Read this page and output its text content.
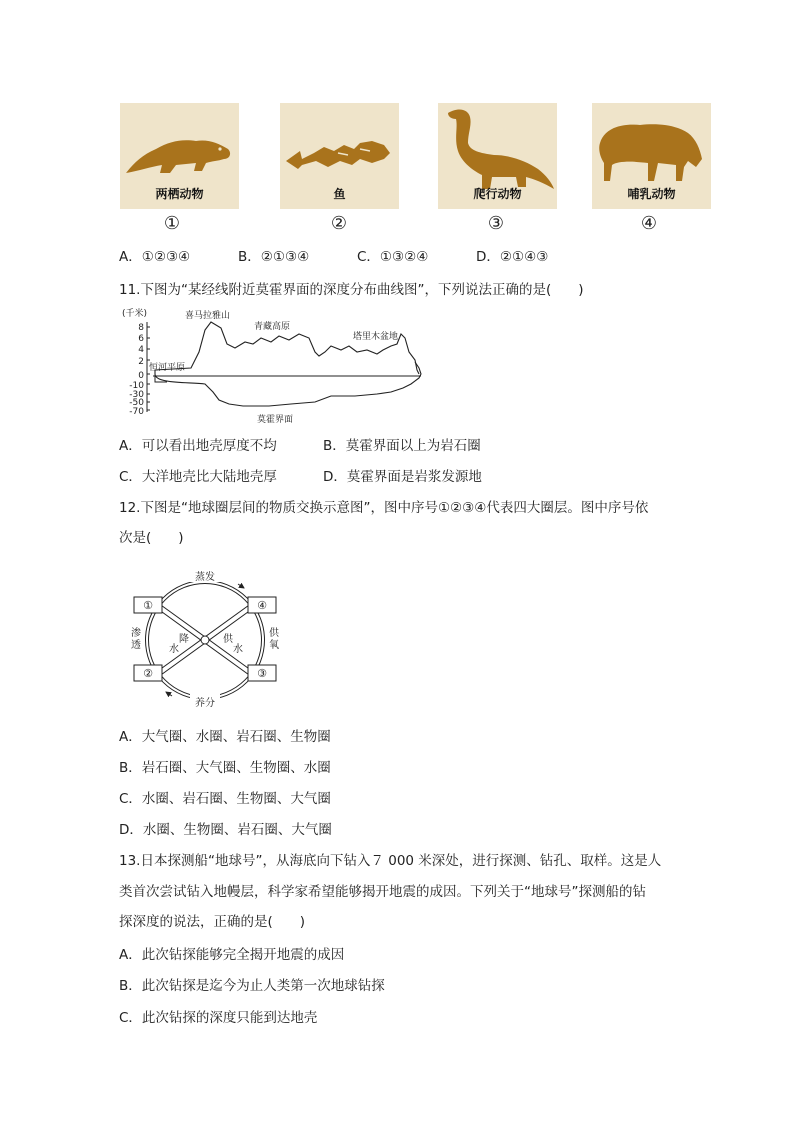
两栖动物	鱼	爬行动物	哺乳动物
①	②	③	④
A．①②③④	B．②①③④	C．①③②④	D．②①④③
11.下图为“某经线附近莫霍界面的深度分布曲线图”，下列说法正确的是(　　)
(千米)
8
6
4
2
0
-10
-30
-50
-70
喜马拉雅山
青藏高原
塔里木盆地
恒河平原
莫霍界面
A．可以看出地壳厚度不均	B．莫霍界面以上为岩石圈
C．大洋地壳比大陆地壳厚	D．莫霍界面是岩浆发源地
12.下图是“地球圈层间的物质交换示意图”，图中序号①②③④代表四大圈层。图中序号依
次是(　　)
①	④
②	③
蒸发
养分
渗
透
供
氧
降
水
供
水
A．大气圈、水圈、岩石圈、生物圈
B．岩石圈、大气圈、生物圈、水圈
C．水圈、岩石圈、生物圈、大气圈
D．水圈、生物圈、岩石圈、大气圈
13.日本探测船“地球号”，从海底向下钻入７ 000 米深处，进行探测、钻孔、取样。这是人
类首次尝试钻入地幔层，科学家希望能够揭开地震的成因。下列关于“地球号”探测船的钻
探深度的说法，正确的是(　　)
A．此次钻探能够完全揭开地震的成因
B．此次钻探是迄今为止人类第一次地球钻探
C．此次钻探的深度只能到达地壳
